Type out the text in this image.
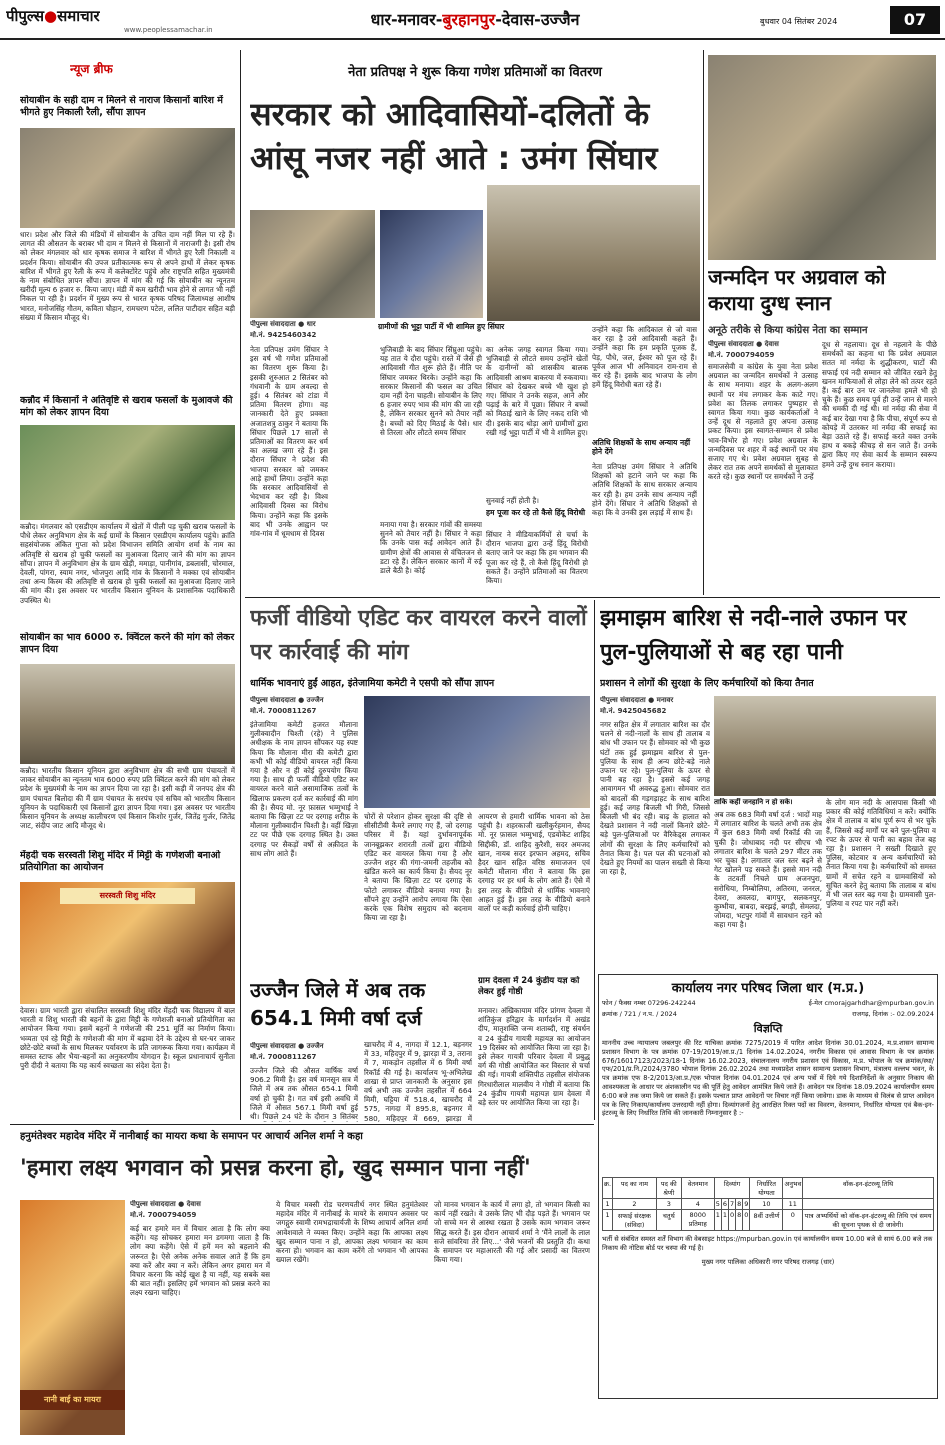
पीपुल्स●समाचार
www.peoplessamachar.in
धार-मनावर-बुरहानपुर-देवास-उज्जैन	बुधवार 04 सितंबर 2024	07
न्यूज ब्रीफ
सोयाबीन के सही दाम न मिलने से नाराज किसानों बारिश में भीगते हुए निकाली रैली, सौंपा ज्ञापन
धार। प्रदेश और जिले की मंडियों में सोयाबीन के उचित दाम नहीं मिल पा रहे हैं। लागत की औसतन के बराबर भी दाम न मिलने से किसानों में नाराजगी है। इसी रोष को लेकर मंगलवार को धार कृषक समाज ने बारिश में भीगते हुए रैली निकाली व प्रदर्शन किया। सोयाबीन की उपज प्रतीकात्मक रूप से अपने हाथों में लेकर कृषक बारिश में भीगते हुए रैली के रूप में कलेक्टोरेट पहुंचे और राष्ट्रपति सहित मुख्यमंत्री के नाम संबोधित ज्ञापन सौंपा। ज्ञापन में मांग की गई कि सोयाबीन का न्यूनतम खरीदी मूल्य 6 हजार रु. किया जाए। मंडी में कम खरीदी भाव होने से लागत भी नहीं निकल पा रही है। प्रदर्शन में मुख्य रूप से भारत कृषक परिषद जिलाध्यक्ष आशीष भारत, मनोजसिंह गौतम, कविता चौहान, रामचरण पटेल, ललित पाटीदार सहित बड़ी संख्या में किसान मौजूद थे।
कन्नौद में किसानों ने अतिवृष्टि से खराब फसलों के मुआवजे की मांग को लेकर ज्ञापन दिया
कन्नौद। मंगलवार को एसडीएम कार्यालय में खेतों में पीली पड़ चुकी खराब फसलों के पौधे लेकर अनुविभाग क्षेत्र के कई ग्रामों के किसान एसडीएम कार्यालय पहुंचे। क्रांति सहसंयोजक अंकित गुप्ता को प्रदेश विभाजन समिति आयोग शर्मा के नाम का अतिवृष्टि से खराब हो चुकी फसलों का मुआवजा दिलाए जाने की मांग का ज्ञापन सौंपा। ज्ञापन में अनुविभाग क्षेत्र के ग्राम खेड़ी, ममाड़ा, पानीगांव, डबलासी, चोरमाल, देवली, पांगरा, स्याम नगर, भोजपुरा आदि गांव के किसानों ने मक्का एवं सोयाबीन तथा अन्य किस्म की अतिवृष्टि से खराब हो चुकी फसलों का मुआवजा दिलाए जाने की मांग की। इस अवसर पर भारतीय किसान यूनियन के प्रशासनिक पदाधिकारी उपस्थित थे।
सोयाबीन का भाव 6000 रु. क्विंटल करने की मांग को लेकर ज्ञापन दिया
कन्नौद। भारतीय किसान यूनियन द्वारा अनुविभाग क्षेत्र की सभी ग्राम पंचायतों में जाकर सोयाबीन का न्यूनतम भाव 6000 रुपए प्रति क्विंटल करने की मांग को लेकर प्रदेश के मुख्यमंत्री के नाम का ज्ञापन दिया जा रहा है। इसी कड़ी में जनपद क्षेत्र की ग्राम पंचायत बिलोदा की मैं ग्राम पंचायत के सरपंच एवं सचिव को भारतीय किसान यूनियन के पदाधिकारी एवं किसानों द्वारा ज्ञापन दिया गया। इस अवसर पर भारतीय किसान यूनियन के अध्यक्ष कालीचरण एवं किसान किशोर गुर्जर, जितेंद्र गुर्जर, जितेंद्र जाट, संदीप जाट आदि मौजूद थे।
मेंहदी चक सरस्वती शिशु मंदिर में मिट्टी के गणेशजी बनाओ प्रतियोगिता का आयोजन
सरस्वती शिशु मंदिर
देवास। ग्राम भारती द्वारा संचालित सरस्वती शिशु मंदिर मेंहदी चक विद्यालय में बाल भारती व शिशु भारती की बहनों के द्वारा मिट्टी के गणेशजी बनाओ प्रतियोगिता का आयोजन किया गया। इसमें बहनों ने गणेशजी की 251 मूर्ति का निर्माण किया। भव्यता एवं रहे मिट्टी के गणेशजी की मांग में बढ़ावा देने के उद्देश्य से घर-घर जाकर छोटे-छोटे बच्चों के साथ मिलकर पर्यावरण के प्रति जागरूक किया गया। कार्यक्रम में समस्त स्टाफ और भैया-बहनों का अनुकरणीय योगदान है। स्कूल प्रधानाचार्य सुनीता पुरी दीदी ने बताया कि यह कार्य स्वच्छता का संदेश देता है।
नेता प्रतिपक्ष ने शुरू किया गणेश प्रतिमाओं का वितरण
सरकार को आदिवासियों-दलितों के आंसू नजर नहीं आते : उमंग सिंघार
पीपुल्स संवाददाता ● धार
मो.नं. 9425460342
ग्रामीणों की भुट्टा पार्टी में भी शामिल हुए सिंघार
नेता प्रतिपक्ष उमंग सिंघार ने इस वर्ष भी गणेश प्रतिमाओं का वितरण शुरू किया है। इसकी शुरुआत 2 सितंबर को गंधवानी के ग्राम अवल्दा से हुई। 4 सितंबर को टांडा में प्रतिमा वितरण होगा। वह जानकारी देते हुए प्रवक्ता अजातशत्रु ठाकुर ने बताया कि सिंघार पिछले 17 सालों से प्रतिमाओं का वितरण कर धर्म का अलख जगा रहे हैं। इस दौरान सिंघार ने प्रदेश की भाजपा सरकार को जमकर आड़े हाथों लिया। उन्होंने कहा कि सरकार आदिवासियों से भेदभाव कर रही है। विश्व आदिवासी दिवस का विरोध किया। उन्होंने कहा कि इसके बाद भी उनके आह्वान पर गांव-गांव में धूमधाम से दिवस
भुजिबाड़ी के बाद सिंघार सिंघ्रुआ पहुंचे। यह तात ये दौरा पहुंचे। रास्ते में जैसे ही आदिवासी गीत शुरू होते हैं। नीति पर सिंघार जमकर थिरके। उन्होंने कहा कि सरकार किसानों की फसल का उचित दाम नहीं देना चाहती। सोयाबीन के लिए 6 हजार रुपए भाव की मांग की जा रही है, लेकिन सरकार सुनने को तैयार नहीं है। बच्चों को दिए मिठाई के पैसे। धार से तिरला और लौटते समय सिंघार
मनाया गया है। सरकार गांवों की समस्या सुनने को तैयार नहीं है। सिंघार ने कहा कि उनके पास कई आवेदन आते हैं। ग्रामीण क्षेत्रों की आवास से वंचितजन से डटा रहे हैं। लेकिन सरकार कानों में रुई डाले बैठी है। कोई
का अनेक जगह स्वागत किया गया। भुजिबाड़ी से लौटते समय उन्होंने खेतों के दानीग्नों को शासकीय बालक आदिवासी आश्रम बाकरया में रुकवाया। सिंघार को देखकर बच्चे भी खुश हो गए। सिंघार ने उनके सहज, आने और पढ़ाई के बारे में पूछा। सिंघार ने बच्चों को मिठाई खाने के लिए नकद राशि भी दी। इसके बाद थोड़ा आगे ग्रामीणों द्वारा रखी गई भुट्टा पार्टी में भी वे शामिल हुए।
सुनवाई नहीं होती है।
हम पूजा कर रहे तो कैसे हिंदू विरोधी
सिंघार ने मीडियाकर्मियों से चर्चा के दौरान भाजपा द्वारा उन्हें हिंदू विरोधी बताए जाने पर कहा कि हम भगवान की पूजा कर रहे हैं, तो कैसे हिंदू विरोधी हो सकते हैं। उन्होंने प्रतिमाओं का वितरण किया।
उन्होंने कहा कि आदिकाल से जो वास कर रहा है उसे आदिवासी कहते हैं। उन्होंने कहा कि हम प्रकृति पूजक हैं, पेड़, पौधे, जल, ईश्वर को पूज रहे हैं। पूर्वज आज भी अनिवादन राम-राम से कर रहे हैं। इसके बाद भाजपा के लोग हमें हिंदू विरोधी बता रहे हैं।
अतिथि शिक्षकों के साथ अन्याय नहीं होने देंगे
नेता प्रतिपक्ष उमंग सिंघार ने अतिथि शिक्षकों को हटाने जाने पर कहा कि अतिथि शिक्षकों के साथ सरकार अन्याय कर रही है। हम उनके साथ अन्याय नहीं होने देंगे। सिंघार ने अतिथि शिक्षकों से कहा कि वे उनकी इस लड़ाई में साथ हैं।
जन्मदिन पर अग्रवाल को कराया दुग्ध स्नान
अनूठे तरीके से किया कांग्रेस नेता का सम्मान
पीपुल्स संवाददाता ● देवास
मो.नं. 7000794059
समाजसेवी व कांग्रेस के युवा नेता प्रवेश अग्रवाल का जन्मदिन समर्थकों ने उत्साह के साथ मनाया। शहर के अलग-अलग स्थानों पर मंच लगाकर केक काटे गए। प्रवेश का तिलक लगाकर पुष्पहार से स्वागत किया गया। कुछ कार्यकर्ताओं ने उन्हें दूध से नहलाते हुए अपना उत्साह प्रकट किया। इस स्वागत-सम्मान से प्रवेश भाव-विभोर हो गए। प्रवेश अग्रवाल के जन्मदिवस पर शहर में कई स्थानों पर मंच सजाए गए थे। प्रवेश अग्रवाल सुबह से लेकर रात तक अपने समर्थकों से मुलाकात करते रहे। कुछ स्थानों पर समर्थकों ने उन्हें
दूध से नहलाया। दूध से नहलाने के पीछे समर्थकों का कहना था कि प्रवेश अग्रवाल सतत मां नर्मदा के शुद्धीकरण, घाटों की सफाई एवं नदी सम्मान को जीवित रखने हेतु खनन माफियाओं से लोहा लेने को तत्पर रहते हैं। कई बार उन पर जानलेवा हमले भी हो चुके हैं। कुछ समय पूर्व ही उन्हें जान से मारने की धमकी दी गई थी। मां नर्मदा की सेवा में कई बार देखा गया है कि पीचा, संपूर्ण रूप से कोयड़े में उतरकर मां नर्मदा की सफाई का बेड़ा उठाते रहे हैं। सफाई करते वक्त उनके हाथ व बकड़े कीचड़ से सन जाते हैं। उनके द्वारा किए गए सेवा कार्य के सम्मान स्वरूप हमने उन्हें दुग्ध स्नान कराया।
फर्जी वीडियो एडिट कर वायरल करने वालों पर कार्रवाई की मांग
धार्मिक भावनाएं हुईं आहत, इंतेजामिया कमेटी ने एसपी को सौंपा ज्ञापन
पीपुल्स संवाददाता ● उज्जैन
मो.नं. 7000811267
इंतेजामिया कमेटी हजरत मौलाना गुलीक्वादीन चिश्ती (रहे) ने पुलिस अधीक्षक के नाम ज्ञापन सौंपकर यह स्पष्ट किया कि मौलाना मीरा की कमेटी द्वारा कभी भी कोई वीडियो वायरल नहीं किया गया है और न ही कोई दुरुपयोग किया गया है। साथ ही फर्जी वीडियो एडिट कर वायरल करने वाले असामाजिक तत्वों के खिलाफ प्रकरण दर्ज कर कार्रवाई की मांग की है। सैयद मो. नूर फ़ासल भम्मुभाई ने बताया कि खिज़ा टट पर दरगाह शरीफ़ के मौलाना गुलीक्वादीन चिश्ती है। वहीं खिज़ा टट पर पीछे एक दरगाह स्थित है। उक्त दरगाह पर सैकड़ों वर्षों से अक़ीदत के साथ लोग आते हैं।
चोरों से परेशान होकर सुरक्षा की दृष्टि से सीसीटीवी कैमरे लगाए गए हैं, जो दरगाह परिसर में हैं। यहां दुर्भावनापूर्वक जानबूझकर शरारती तत्वों द्वारा वीडियो एडिट कर वायरल किया गया है और उज्जैन शहर की गंगा-जमनी तहजीब को खंडित करने का कार्य किया है। सैयद नूर ने बताया कि खिज़ा टट पर दरगाह के फोटो लगाकर वीडियो बनाया गया है। सौंपने हुए उन्होंने आरोप लगाया कि ऐसा करके एक विशेष समुदाय को बदनाम किया जा रहा है।
आयरण से हमारी धार्मिक भावना को ठेस पहुंची है। शहरकाजी खलीकुर्रहमान, सैयद मो. नूर फ़ासल भम्मुभाई, एडवोकेट शाहिद सिद्दीकी, डॉ. शाहिद कुरैशी, सदर अमजद खान, नायब सदर इरफान अहमद, सचिव हैदर खान सहित वरिष्ठ समाजजन एवं कमेटी मौलाना मीरा ने बताया कि इस दरगाह पर हर धर्म के लोग आते हैं। ऐसे में इस तरह के वीडियो से धार्मिक भावनाएं आहत हुई हैं। इस तरह के वीडियो बनाने वालों पर कड़ी कार्रवाई होनी चाहिए।
उज्जैन जिले में अब तक 654.1 मिमी वर्षा दर्ज
पीपुल्स संवाददाता ● उज्जैन
मो.नं. 7000811267
उज्जैन जिले की औसत वार्षिक वर्षा 906.2 मिमी है। इस वर्ष मानसून सत्र में जिले में अब तक औसत 654.1 मिमी वर्षा हो चुकी है। गत वर्ष इसी अवधि में जिले में औसत 567.1 मिमी वर्षा हुई थी। पिछले 24 घंटे के दौरान 3 सितंबर
खाचरौद में 4, नागदा में 12.1, बड़नगर में 33, महिदपुर में 9, झारड़ा में 3, तराना में 7, माकड़ोन तहसील में 6 मिमी वर्षा रिकॉर्ड की गई है। कार्यालय भू-अभिलेख शाखा से प्राप्त जानकारी के अनुसार इस वर्ष अभी तक उज्जैन तहसील में 664 मिमी, घट्टिया में 518.4, खाचरौद में 575, नागदा में 895.8, बड़नगर में 580, महिदपुर में 669, झारड़ा में
ग्राम देवला में 24 कुंडीय यज्ञ को लेकर हुई गोष्ठी
मनावर। अंखिकायाम मंदिर प्रांगण देवला में शांतिकुंज हरिद्वार के मार्गदर्शन में अखंड दीप, मातृशक्ति जन्म शताब्दी, राष्ट्र संवर्धन व 24 कुंडीय गायत्री महायज्ञ का आयोजन 19 दिसंबर को आयोजित किया जा रहा है। इसे लेकर गायत्री परिवार देवला में प्रबुद्ध वर्ग की गोष्ठी आयोजित कर विस्तार से चर्चा की गई। गायत्री शक्तिपीठ तहसील संयोजक गिरधारीलाल मालवीय ने गोष्ठी में बताया कि 24 कुंडीय गायत्री महायज्ञ ग्राम देवला में बड़े स्तर पर आयोजित किया जा रहा है।
झमाझम बारिश से नदी-नाले उफान पर पुल-पुलियाओं से बह रहा पानी
प्रशासन ने लोगों की सुरक्षा के लिए कर्मचारियों को किया तैनात
पीपुल्स संवाददाता ● मनावर
मो.नं. 9425045682
नगर सहित क्षेत्र में लगातार बारिश का दौर चलने से नदी-नालों के साथ ही तालाब व बांध भी उफान पर हैं। सोमवार को भी कुछ घंटों तक हुई झमाझम बारिश से पुल-पुलिया के साथ ही अन्य छोटे-बड़े नाले उफान पर रहे। पुल-पुलिया के ऊपर से पानी बह रहा है। इससे कई जगह आवागमन भी अवरुद्ध हुआ। सोमवार रात को बादलों की गड़गड़ाहट के साथ बारिश हुई। कई जगह बिजली भी गिरी, जिससे बिजली भी बंद रही। बाढ़ के हालात को देखते प्रशासन ने नदी नालों किनारे छोटे-बड़े पुल-पुलियाओं पर वैरिकेड्स लगाकर लोगों की सुरक्षा के लिए कर्मचारियों को तैनात किया है। पल पल की घटनाओं को देखते हुए नियमों का पालन सख्ती से किया जा रहा है,
ताकि कहीं जनहानि न हो सके।
अब तक 683 मिमी वर्षा दर्ज : भादों माह में लगातार बारिश के चलते अभी तक क्षेत्र में कुल 683 मिमी वर्षा रिकॉर्ड की जा चुकी है। जोधाबाद नदी पर सीएच भी लगातार बारिश के चलते 297 मीटर तक भर चुका है। लगातार जल स्तर बढ़ने से गेट खोलने पड़ सकते हैं। इससे मान नदी के तटवर्ती निचले ग्राम अजनपुरा, सरोधिया, निम्बोलिया, अतिरमा, जनरल, देवरा, अवलदा, बागपुर, सलकनपुर, कुम्भीया, बाबदा, बरझई, बगड़ी, सेमलदा, जोमदा, भटपुर गांवों में सावधान रहने को कहा गया है।
के लोग मान नदी के आसपास किसी भी प्रकार की कोई गतिविधियां न करें। क्योंकि क्षेत्र में तालाब व बांध पूर्ण रूप से भर चुके हैं, जिससे कई मार्गों पर बने पुल-पुलिया व रपट के ऊपर से पानी का बहाव तेज बह रहा है। प्रशासन ने सख्ती दिखाते हुए पुलिस, कोटवार व अन्य कर्मचारियों को तैनात किया गया है। कर्मचारियों को समस्त ग्रामों में सचेत रहने व ग्रामवासियों को सूचित करने हेतु बताया कि तालाब व बांध में भी जल स्तर बढ़ गया है। ग्रामवासी पुल-पुलिया व रपट पार नहीं करें।
कार्यालय नगर परिषद जिला धार (म.प्र.)
फोन / फैक्स नम्बर 07296-242244	ई-मेल cmorajgarhdhar@mpurban.gov.in
क्रमांक / 721 / न.प. / 2024	राजगढ़, दिनांक :- 02.09.2024
विज्ञप्ति
माननीय उच्च न्यायालय जबलपुर की रिट याचिका क्रमांक 7275/2019 में पारित आदेश दिनांक 30.01.2024, म.प्र.शासन सामान्य प्रशासन विभाग के पत्र क्रमांक 07-19/2019/आ.प्र./1 दिनांक 14.02.2024, नगरीय विकास एवं आवास विभाग के पत्र क्रमांक 676/16017123/2023/18-1 दिनांक 16.02.2023, संचालनालय नगरीय प्रशासन एवं विकास, म.प्र. भोपाल के पत्र क्रमांक/स्था/एफ/201/प्र.नि./2024/3780 भोपाल दिनांक 26.02.2024 तथा मध्यप्रदेश शासन सामान्य प्रशासन विभाग, मंत्रालय वल्लभ भवन, के पत्र क्रमांक एफ 8-2/2013/आ.प्र./एक भोपाल दिनांक 04.01.2024 एवं अन्य पत्रों में दिये गये दिशानिर्देशों के अनुसार निकाय की आवश्यकता के आधार पर अंशकालीन पद की पूर्ति हेतु आवेदन आमंत्रित किये जाते हैं। आवेदन पत्र दिनांक 18.09.2024 कार्यालयीन समय 6:00 बजे तक जमा किये जा सकते हैं। इसके पश्चात प्राप्त आवेदनों पर विचार नहीं किया जावेगा। डाक के माध्यम से विलंब से प्राप्त आवेदन पत्र के लिए निकाय/कार्यालय उत्तरदायी नहीं होगा। दिव्यांगजनों हेतु आरक्षित रिक्त पदों का विवरण, वेतनमान, निर्धारित योग्यता एवं बैक-इन-इंटरव्यू के लिए निर्धारित तिथि की जानकारी निम्नानुसार है :-
क्र.	पद का नाम	पद की श्रेणी	वेतनमान	दिव्यांग					निर्धारित योग्यता	अनुभव	वॉक-इन-इंटरव्यू तिथि
1	2	3	4	5	6	7	8	9	10	11	
1	सफाई संरक्षक (संविदा)	चतुर्थ	8000 प्रतिमाह	1	1	0	8	0	8वीं उत्तीर्ण	0	पात्र अभ्यर्थियों को वॉक-इन-इंटरव्यू की तिथि एवं समय की सूचना पृथक से दी जावेगी।
भर्ती से संबंधित समस्त शर्तें विभाग की वेबसाइट https://mpurban.gov.in एवं कार्यालयीन समय 10.00 बजे से सायं 6.00 बजे तक निकाय की नोटिस बोर्ड पर चस्पा की गई है।
मुख्य नगर पालिका अधिकारी नगर परिषद राजगढ़ (धार)
हनुमंतेश्वर महादेव मंदिर में नानीबाई का मायरा कथा के समापन पर आचार्य अनिल शर्मा ने कहा
'हमारा लक्ष्य भगवान को प्रसन्न करना हो, खुद सम्मान पाना नहीं'
पीपुल्स संवाददाता ● देवास
मो.नं. 7000794059
नानी बाई का मायरा
कई बार हमारे मन में विचार आता है कि लोग क्या कहेंगे। यह सोचकर हमारा मन डगमगा जाता है कि लोग क्या कहेंगे। ऐसे में हमें मन को बहलाने की जरूरत है। ऐसे अनेक अनेक सवाल आते हैं कि हम क्या करें और क्या न करें। लेकिन अगर हमारा मन में विचार करना कि कोई खुश है या नहीं, यह सबके बस की बात नहीं। इसलिए हमें भगवान को प्रसन्न करने का लक्ष्य रखना चाहिए।
ये विचार मक्सी रोड चरणयतीर्थ नगर स्थित हनुमंतेश्वर महादेव मंदिर में नानीबाई के मायरे के समापन अवसर पर जगद्गुरु स्वामी रामभद्राचार्यजी के शिष्य आचार्य अनिल शर्मा आवेशवाले ने व्यक्त किए। उन्होंने कहा कि आपका लक्ष्य खुद सम्मान पाना न हो, आपका लक्ष्य भगवान का काम करना हो। भगवान का काम करेंगे तो भगवान भी आपका ख्याल रखेंगे।
जो मानव भगवान के कार्य में लगा हो, तो भगवान किसी का कार्य नहीं रखते। वे उसके लिए भी दौड़ पड़ते हैं। भगवान पर जो सच्चे मन से आस्था रखता है उसके काम भगवान जरूर सिद्ध करते हैं। इस दौरान आचार्य शर्मा ने 'मैंने लालों के लाल सजे सांवरिया तेरे लिए...' जैसे भजनों की प्रस्तुति दी। कथा के समापन पर महाआरती की गई और प्रसादी का वितरण किया गया।
